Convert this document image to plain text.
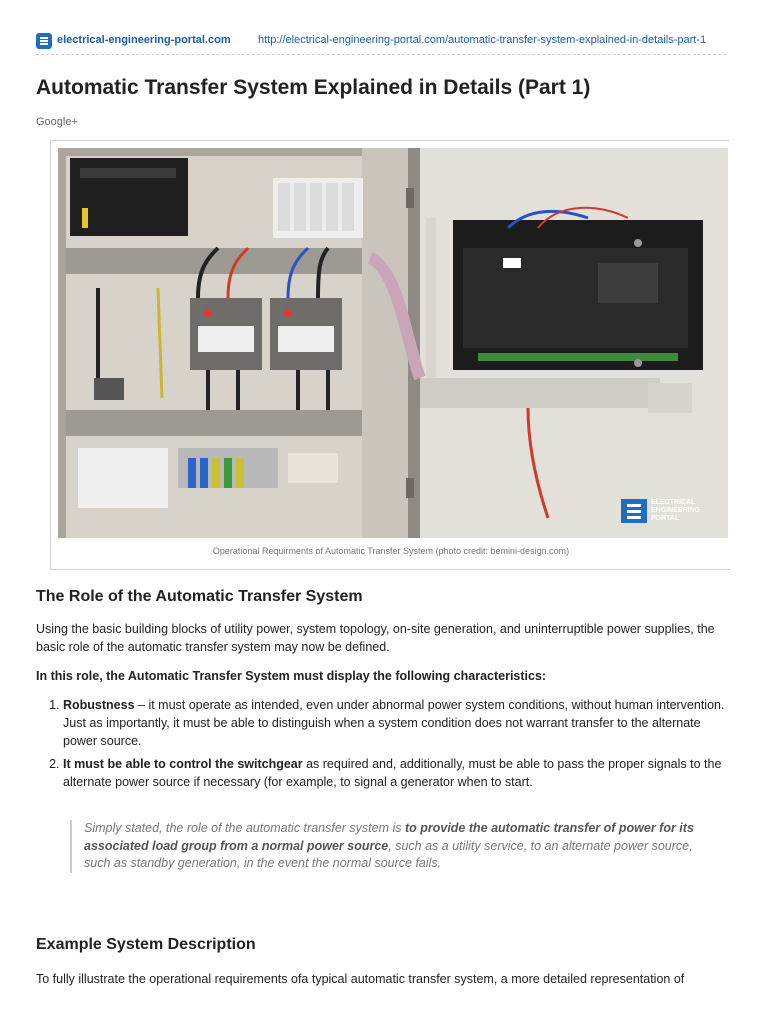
electrical-engineering-portal.com http://electrical-engineering-portal.com/automatic-transfer-system-explained-in-details-part-1
Automatic Transfer System Explained in Details (Part 1)
Google+
ELECTRICAL
ENGINEERING
PORTAL
Operational Requirments of Automatic Transfer System (photo credit: bemini-design.com)
The Role of the Automatic Transfer System

Using the basic building blocks of utility power, system topology, on-site generation, and uninterruptible power supplies, the basic role of the automatic transfer system may now be defined.

In this role, the Automatic Transfer System must display the following characteristics:

1. Robustness – it must operate as intended, even under abnormal power system conditions, without human intervention. Just as importantly, it must be able to distinguish when a system condition does not warrant transfer to the alternate power source.
2. It must be able to control the switchgear as required and, additionally, must be able to pass the proper signals to the alternate power source if necessary (for example, to signal a generator when to start.
Simply stated, the role of the automatic transfer system is to provide the automatic transfer of power for its associated load group from a normal power source, such as a utility service, to an alternate power source, such as standby generation, in the event the normal source fails.
Example System Description

To fully illustrate the operational requirements ofa typical automatic transfer system, a more detailed representation of
